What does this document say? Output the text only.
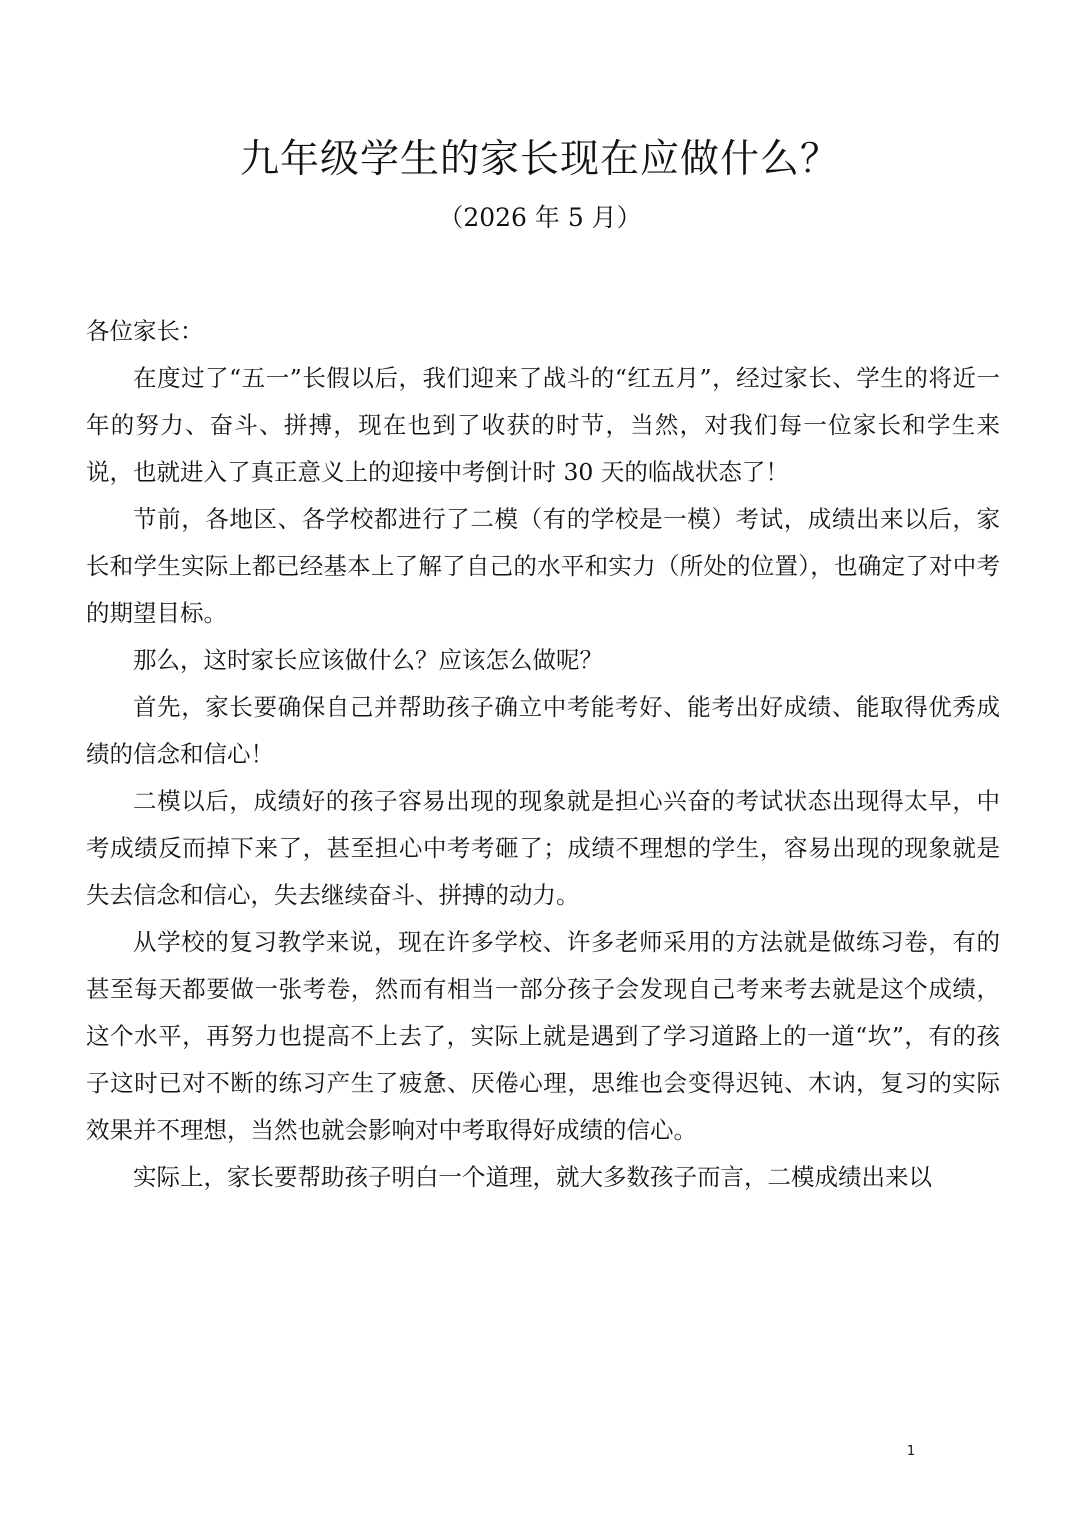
九年级学生的家长现在应做什么？
（2026 年 5 月）

各位家长：

在度过了“五一”长假以后，我们迎来了战斗的“红五月”，经过家长、学生的将近一年的努力、奋斗、拼搏，现在也到了收获的时节，当然，对我们每一位家长和学生来说，也就进入了真正意义上的迎接中考倒计时 30 天的临战状态了！

节前，各地区、各学校都进行了二模（有的学校是一模）考试，成绩出来以后，家长和学生实际上都已经基本上了解了自己的水平和实力（所处的位置），也确定了对中考的期望目标。

那么，这时家长应该做什么？应该怎么做呢？

首先，家长要确保自己并帮助孩子确立中考能考好、能考出好成绩、能取得优秀成绩的信念和信心！

二模以后，成绩好的孩子容易出现的现象就是担心兴奋的考试状态出现得太早，中考成绩反而掉下来了，甚至担心中考考砸了；成绩不理想的学生，容易出现的现象就是失去信念和信心，失去继续奋斗、拼搏的动力。

从学校的复习教学来说，现在许多学校、许多老师采用的方法就是做练习卷，有的甚至每天都要做一张考卷，然而有相当一部分孩子会发现自己考来考去就是这个成绩，这个水平，再努力也提高不上去了，实际上就是遇到了学习道路上的一道“坎”，有的孩子这时已对不断的练习产生了疲惫、厌倦心理，思维也会变得迟钝、木讷，复习的实际效果并不理想，当然也就会影响对中考取得好成绩的信心。

实际上，家长要帮助孩子明白一个道理，就大多数孩子而言，二模成绩出来以

1
